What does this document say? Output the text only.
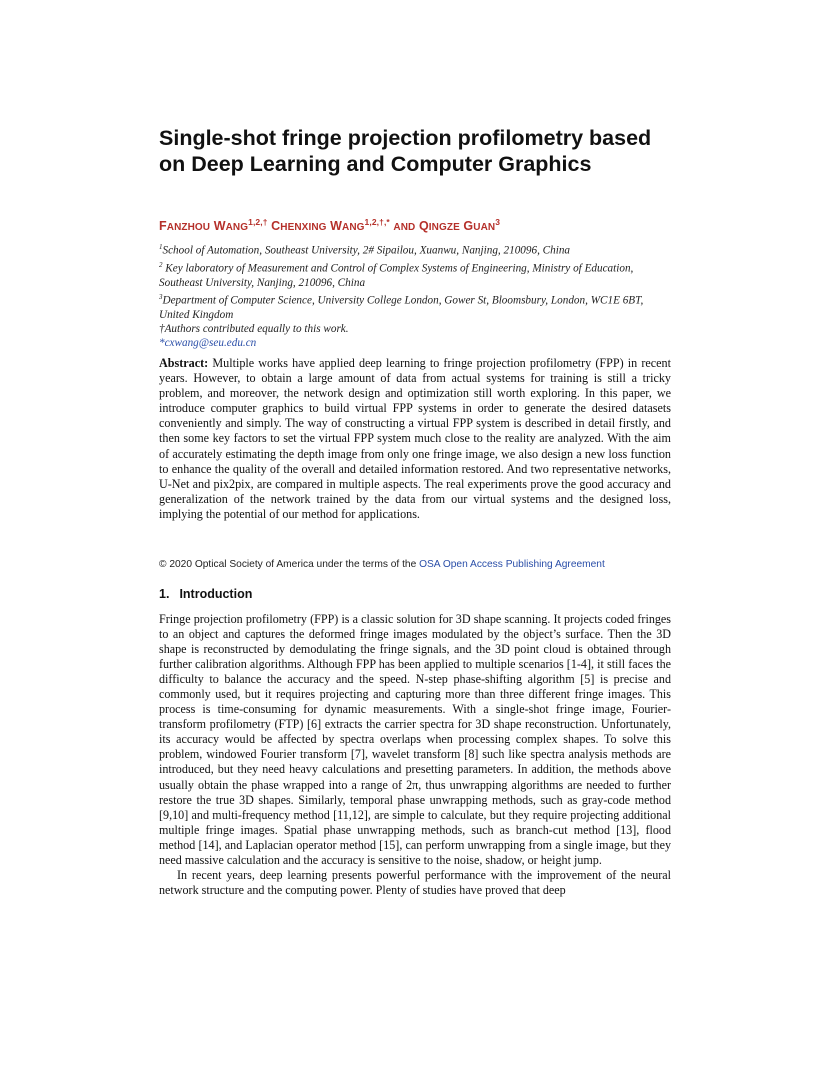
Single-shot fringe projection profilometry based on Deep Learning and Computer Graphics
FANZHOU $WANG^{1,2,\dagger}$ CHENXING $WANG^{1,2,\dagger,*}$ AND QINGZE GUAN$^3$

$^1$School of Automation, Southeast University, 2# Sipailou, Xuanwu, Nanjing, 210096, China

$^2$ Key laboratory of Measurement and Control of Complex Systems of Engineering, Ministry of Education, Southeast University, Nanjing, 210096, China

$^3$Department of Computer Science, University College London, Gower St, Bloomsbury, London, WC1E 6BT, United Kingdom

†Authors contributed equally to this work.

*cxwang@seu.edu.cn

Abstract: Multiple works have applied deep learning to fringe projection profilometry (FPP) in recent years. However, to obtain a large amount of data from actual systems for training is still a tricky problem, and moreover, the network design and optimization still worth exploring. In this paper, we introduce computer graphics to build virtual FPP systems in order to generate the desired datasets conveniently and simply. The way of constructing a virtual FPP system is described in detail firstly, and then some key factors to set the virtual FPP system much close to the reality are analyzed. With the aim of accurately estimating the depth image from only one fringe image, we also design a new loss function to enhance the quality of the overall and detailed information restored. And two representative networks, U-Net and pix2pix, are compared in multiple aspects. The real experiments prove the good accuracy and generalization of the network trained by the data from our virtual systems and the designed loss, implying the potential of our method for applications.
© 2020 Optical Society of America under the terms of the OSA Open Access Publishing Agreement
1. Introduction

Fringe projection profilometry (FPP) is a classic solution for 3D shape scanning. It projects coded fringes to an object and captures the deformed fringe images modulated by the object’s surface. Then the 3D shape is reconstructed by demodulating the fringe signals, and the 3D point cloud is obtained through further calibration algorithms. Although FPP has been applied to multiple scenarios [1-4], it still faces the difficulty to balance the accuracy and the speed. N-step phase-shifting algorithm [5] is precise and commonly used, but it requires projecting and capturing more than three different fringe images. This process is time-consuming for dynamic measurements. With a single-shot fringe image, Fourier-transform profilometry (FTP) [6] extracts the carrier spectra for 3D shape reconstruction. Unfortunately, its accuracy would be affected by spectra overlaps when processing complex shapes. To solve this problem, windowed Fourier transform [7], wavelet transform [8] such like spectra analysis methods are introduced, but they need heavy calculations and presetting parameters. In addition, the methods above usually obtain the phase wrapped into a range of 2π, thus unwrapping algorithms are needed to further restore the true 3D shapes. Similarly, temporal phase unwrapping methods, such as gray-code method [9,10] and multi-frequency method [11,12], are simple to calculate, but they require projecting additional multiple fringe images. Spatial phase unwrapping methods, such as branch-cut method [13], flood method [14], and Laplacian operator method [15], can perform unwrapping from a single image, but they need massive calculation and the accuracy is sensitive to the noise, shadow, or height jump.

In recent years, deep learning presents powerful performance with the improvement of the neural network structure and the computing power. Plenty of studies have proved that deep
